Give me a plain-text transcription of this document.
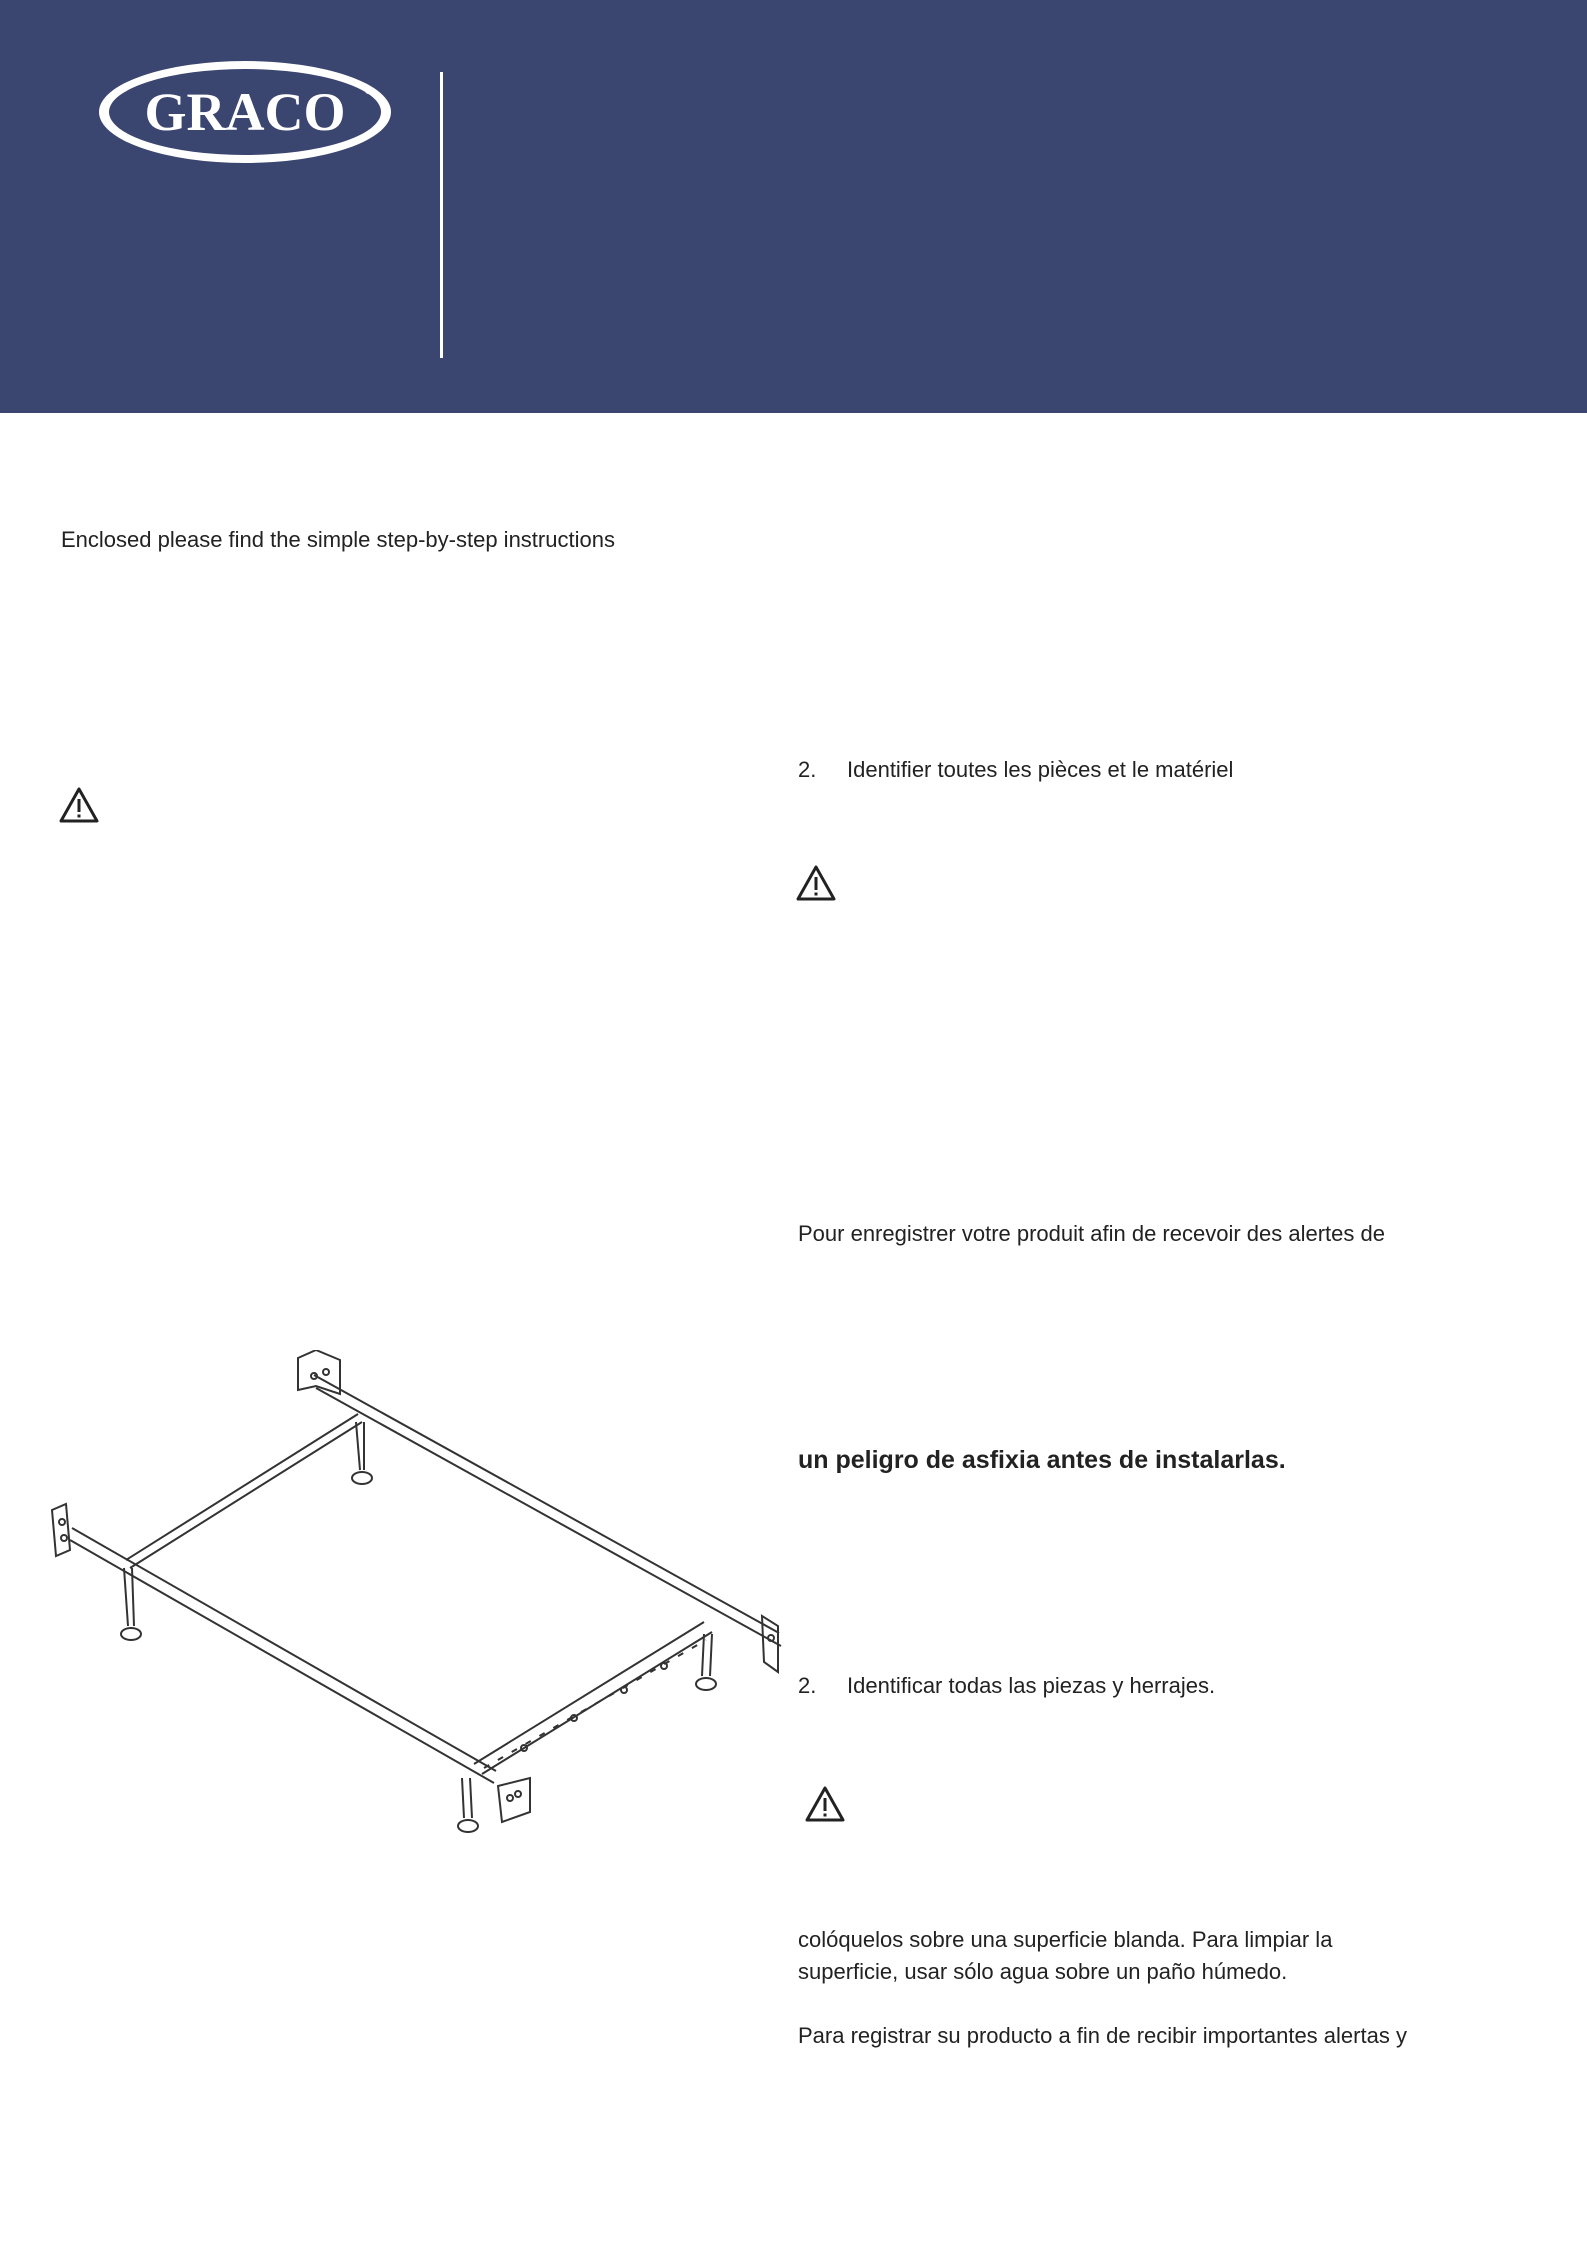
GRACO ®
Enclosed please find the simple step-by-step instructions
2. Identifier toutes les pièces et le matériel
Pour enregistrer votre produit afin de recevoir des alertes de
un peligro de asfixia antes de instalarlas.
2. Identificar todas las piezas y herrajes.
colóquelos sobre una superficie blanda. Para limpiar la
superficie, usar sólo agua sobre un paño húmedo.
Para registrar su producto a fin de recibir importantes alertas y
